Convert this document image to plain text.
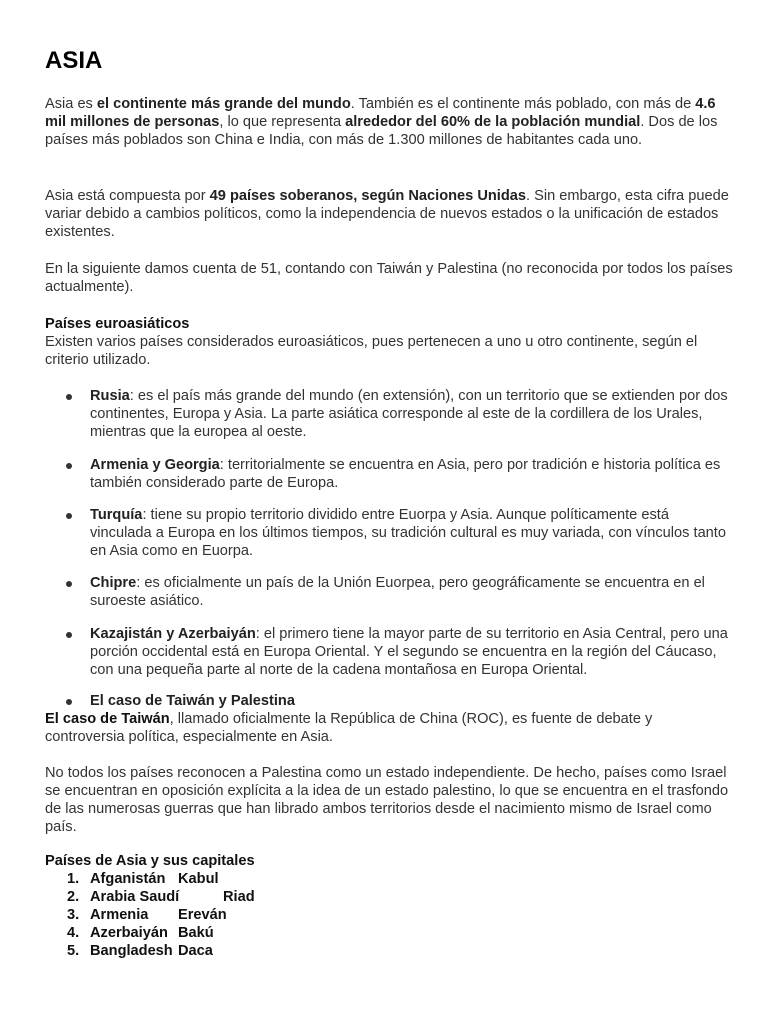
ASIA

Asia es el continente más grande del mundo. También es el continente más poblado, con más de 4.6 mil millones de personas, lo que representa alrededor del 60% de la población mundial. Dos de los países más poblados son China e India, con más de 1.300 millones de habitantes cada uno.

Asia está compuesta por 49 países soberanos, según Naciones Unidas. Sin embargo, esta cifra puede variar debido a cambios políticos, como la independencia de nuevos estados o la unificación de estados existentes.

En la siguiente damos cuenta de 51, contando con Taiwán y Palestina (no reconocida por todos los países actualmente).

Países euroasiáticos

Existen varios países considerados euroasiáticos, pues pertenecen a uno u otro continente, según el criterio utilizado.

Rusia: es el país más grande del mundo (en extensión), con un territorio que se extienden por dos continentes, Europa y Asia. La parte asiática corresponde al este de la cordillera de los Urales, mientras que la europea al oeste.

Armenia y Georgia: territorialmente se encuentra en Asia, pero por tradición e historia política es también considerado parte de Europa.

Turquía: tiene su propio territorio dividido entre Euorpa y Asia. Aunque políticamente está vinculada a Europa en los últimos tiempos, su tradición cultural es muy variada, con vínculos tanto en Asia como en Euorpa.

Chipre: es oficialmente un país de la Unión Euorpea, pero geográficamente se encuentra en el suroeste asiático.

Kazajistán y Azerbaiyán: el primero tiene la mayor parte de su territorio en Asia Central, pero una porción occidental está en Europa Oriental. Y el segundo se encuentra en la región del Cáucaso, con una pequeña parte al norte de la cadena montañosa en Europa Oriental.

El caso de Taiwán y Palestina

El caso de Taiwán, llamado oficialmente la República de China (ROC), es fuente de debate y controversia política, especialmente en Asia.

No todos los países reconocen a Palestina como un estado independiente. De hecho, países como Israel se encuentran en oposición explícita a la idea de un estado palestino, lo que se encuentra en el trasfondo de las numerosas guerras que han librado ambos territorios desde el nacimiento mismo de Israel como país.

Países de Asia y sus capitales

1. Afganistán Kabul
2. Arabia Saudí	Riad
3. Armenia Ereván
4. Azerbaiyán Bakú
5. Bangladesh Daca
